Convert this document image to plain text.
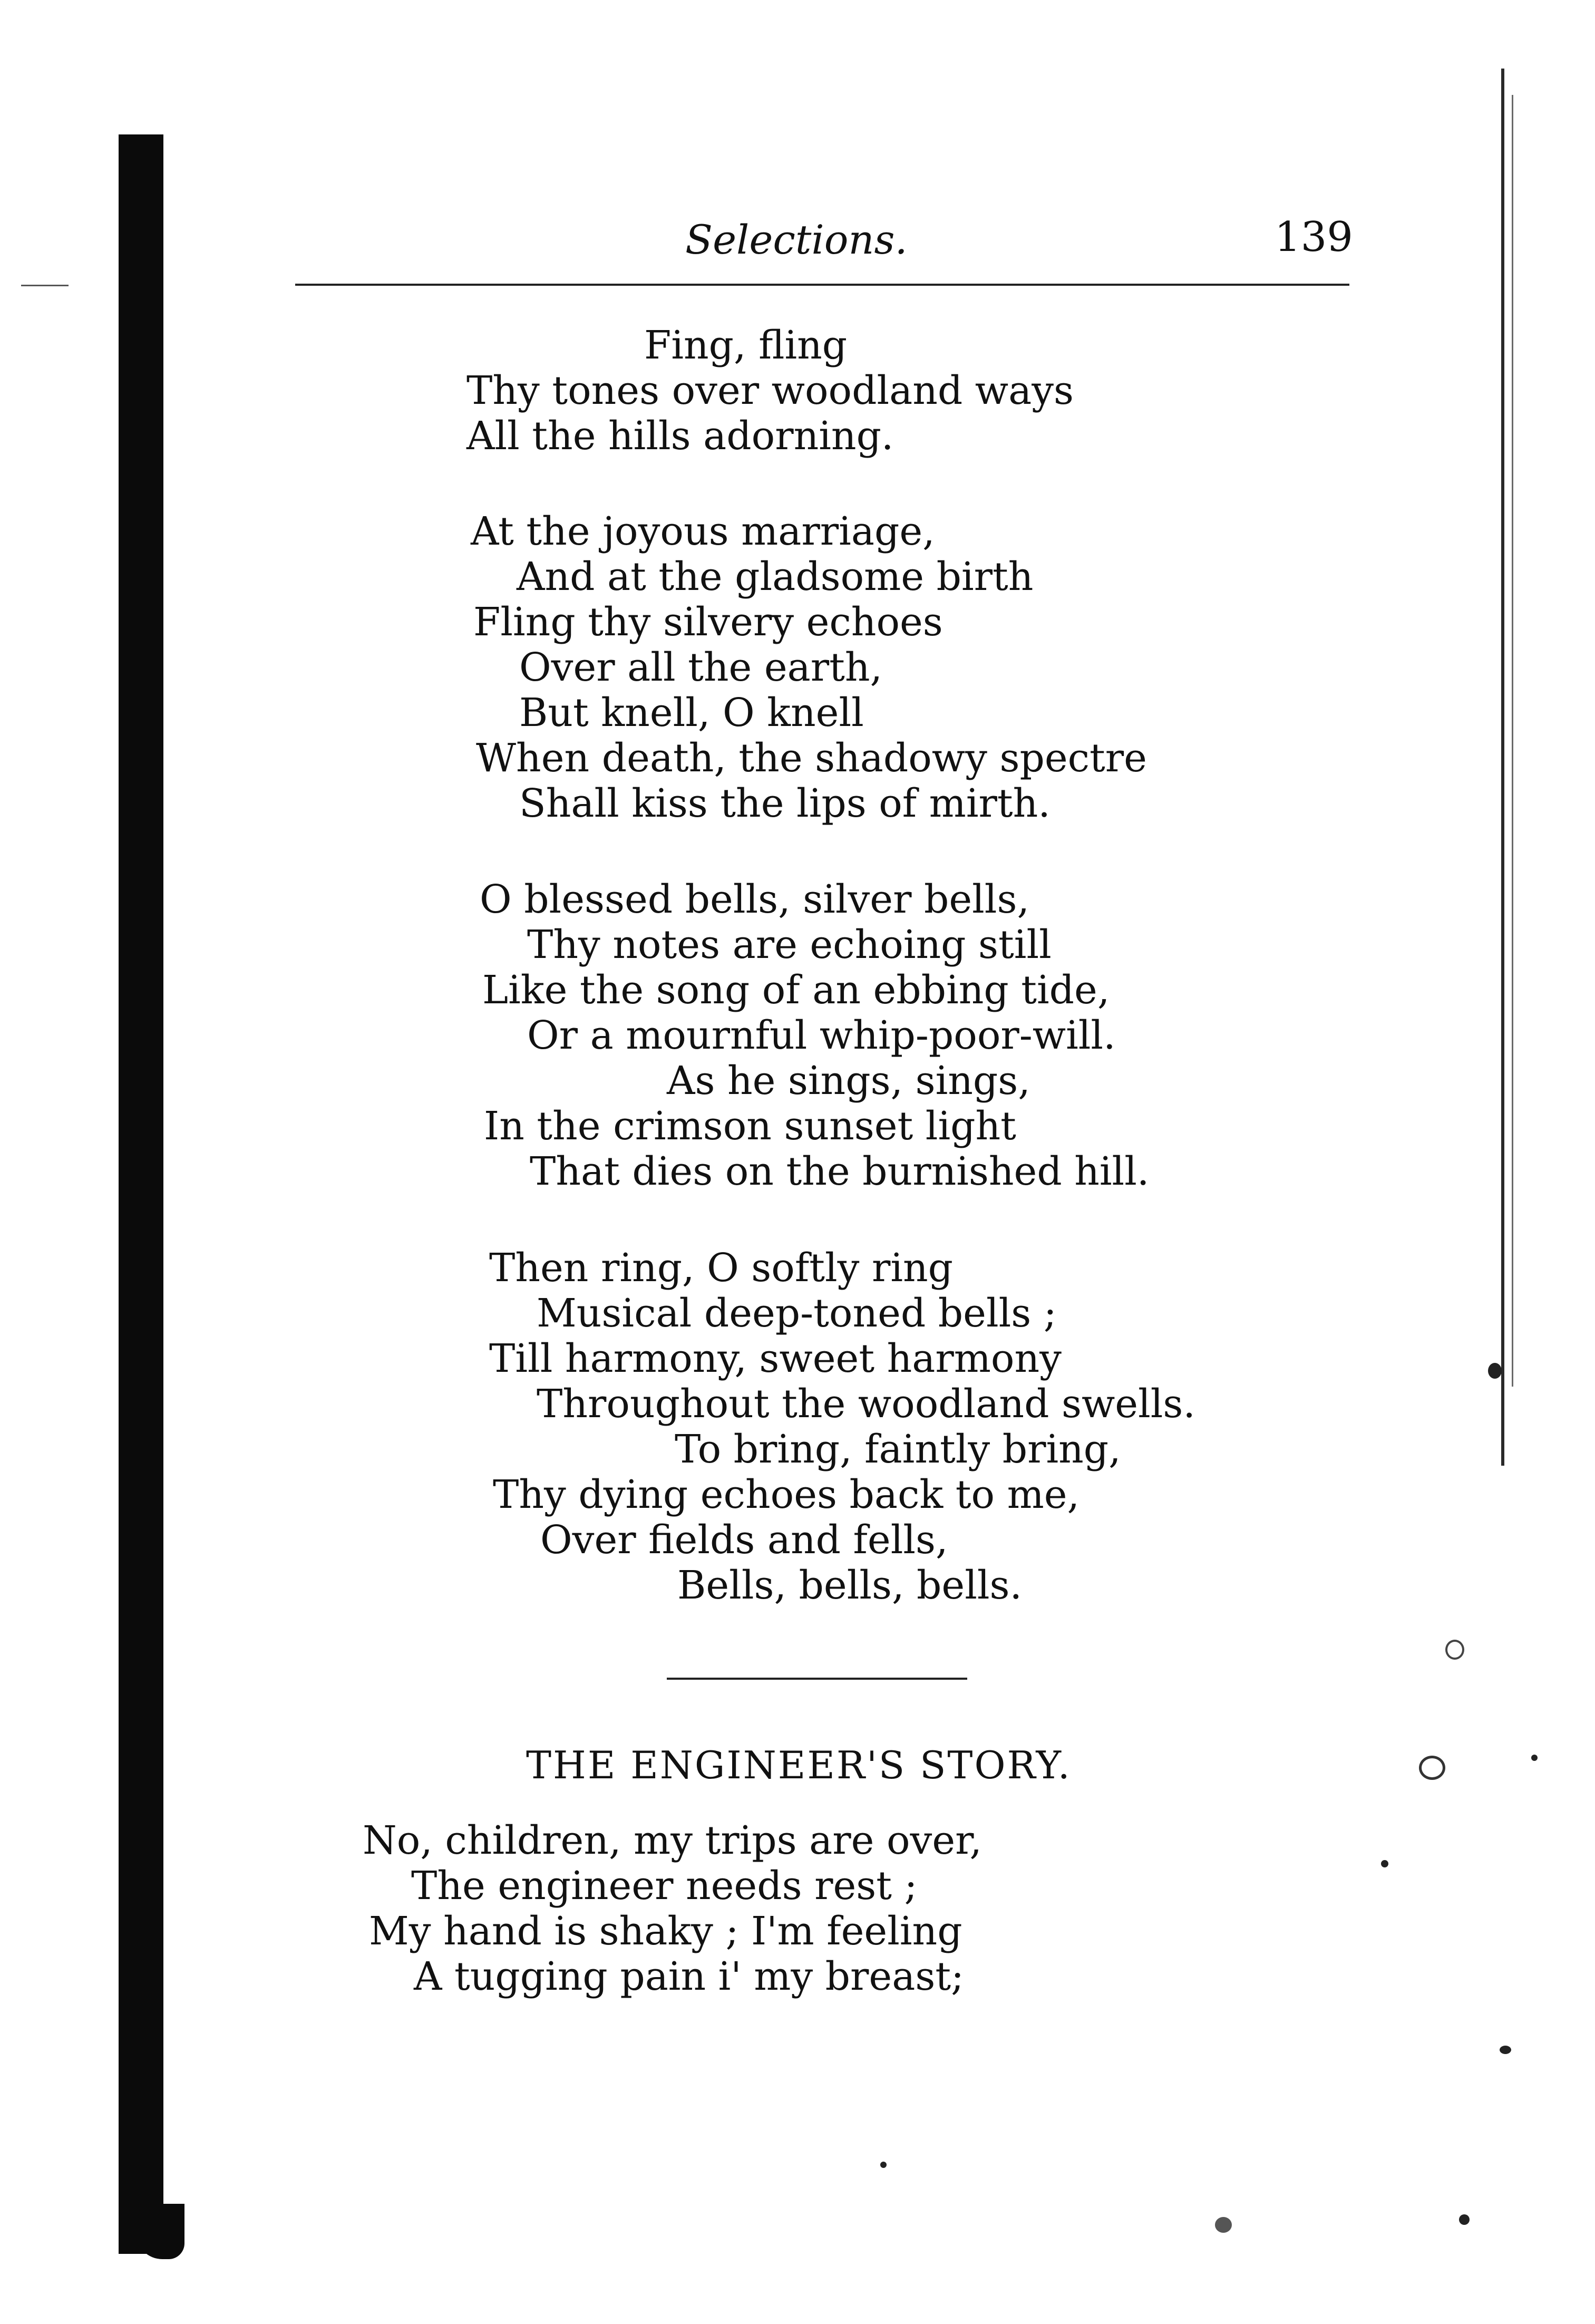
Selections.	139
Fing, fling
Thy tones over woodland ways
All the hills adorning.
At the joyous marriage,
And at the gladsome birth
Fling thy silvery echoes
Over all the earth,
But knell, O knell
When death, the shadowy spectre
Shall kiss the lips of mirth.
O blessed bells, silver bells,
Thy notes are echoing still
Like the song of an ebbing tide,
Or a mournful whip-poor-will.
As he sings, sings,
In the crimson sunset light
That dies on the burnished hill.
Then ring, O softly ring
Musical deep-toned bells ;
Till harmony, sweet harmony
Throughout the woodland swells.
To bring, faintly bring,
Thy dying echoes back to me,
Over fields and fells,
Bells, bells, bells.
THE ENGINEER'S STORY.
No, children, my trips are over,
The engineer needs rest ;
My hand is shaky ; I'm feeling
A tugging pain i' my breast;
